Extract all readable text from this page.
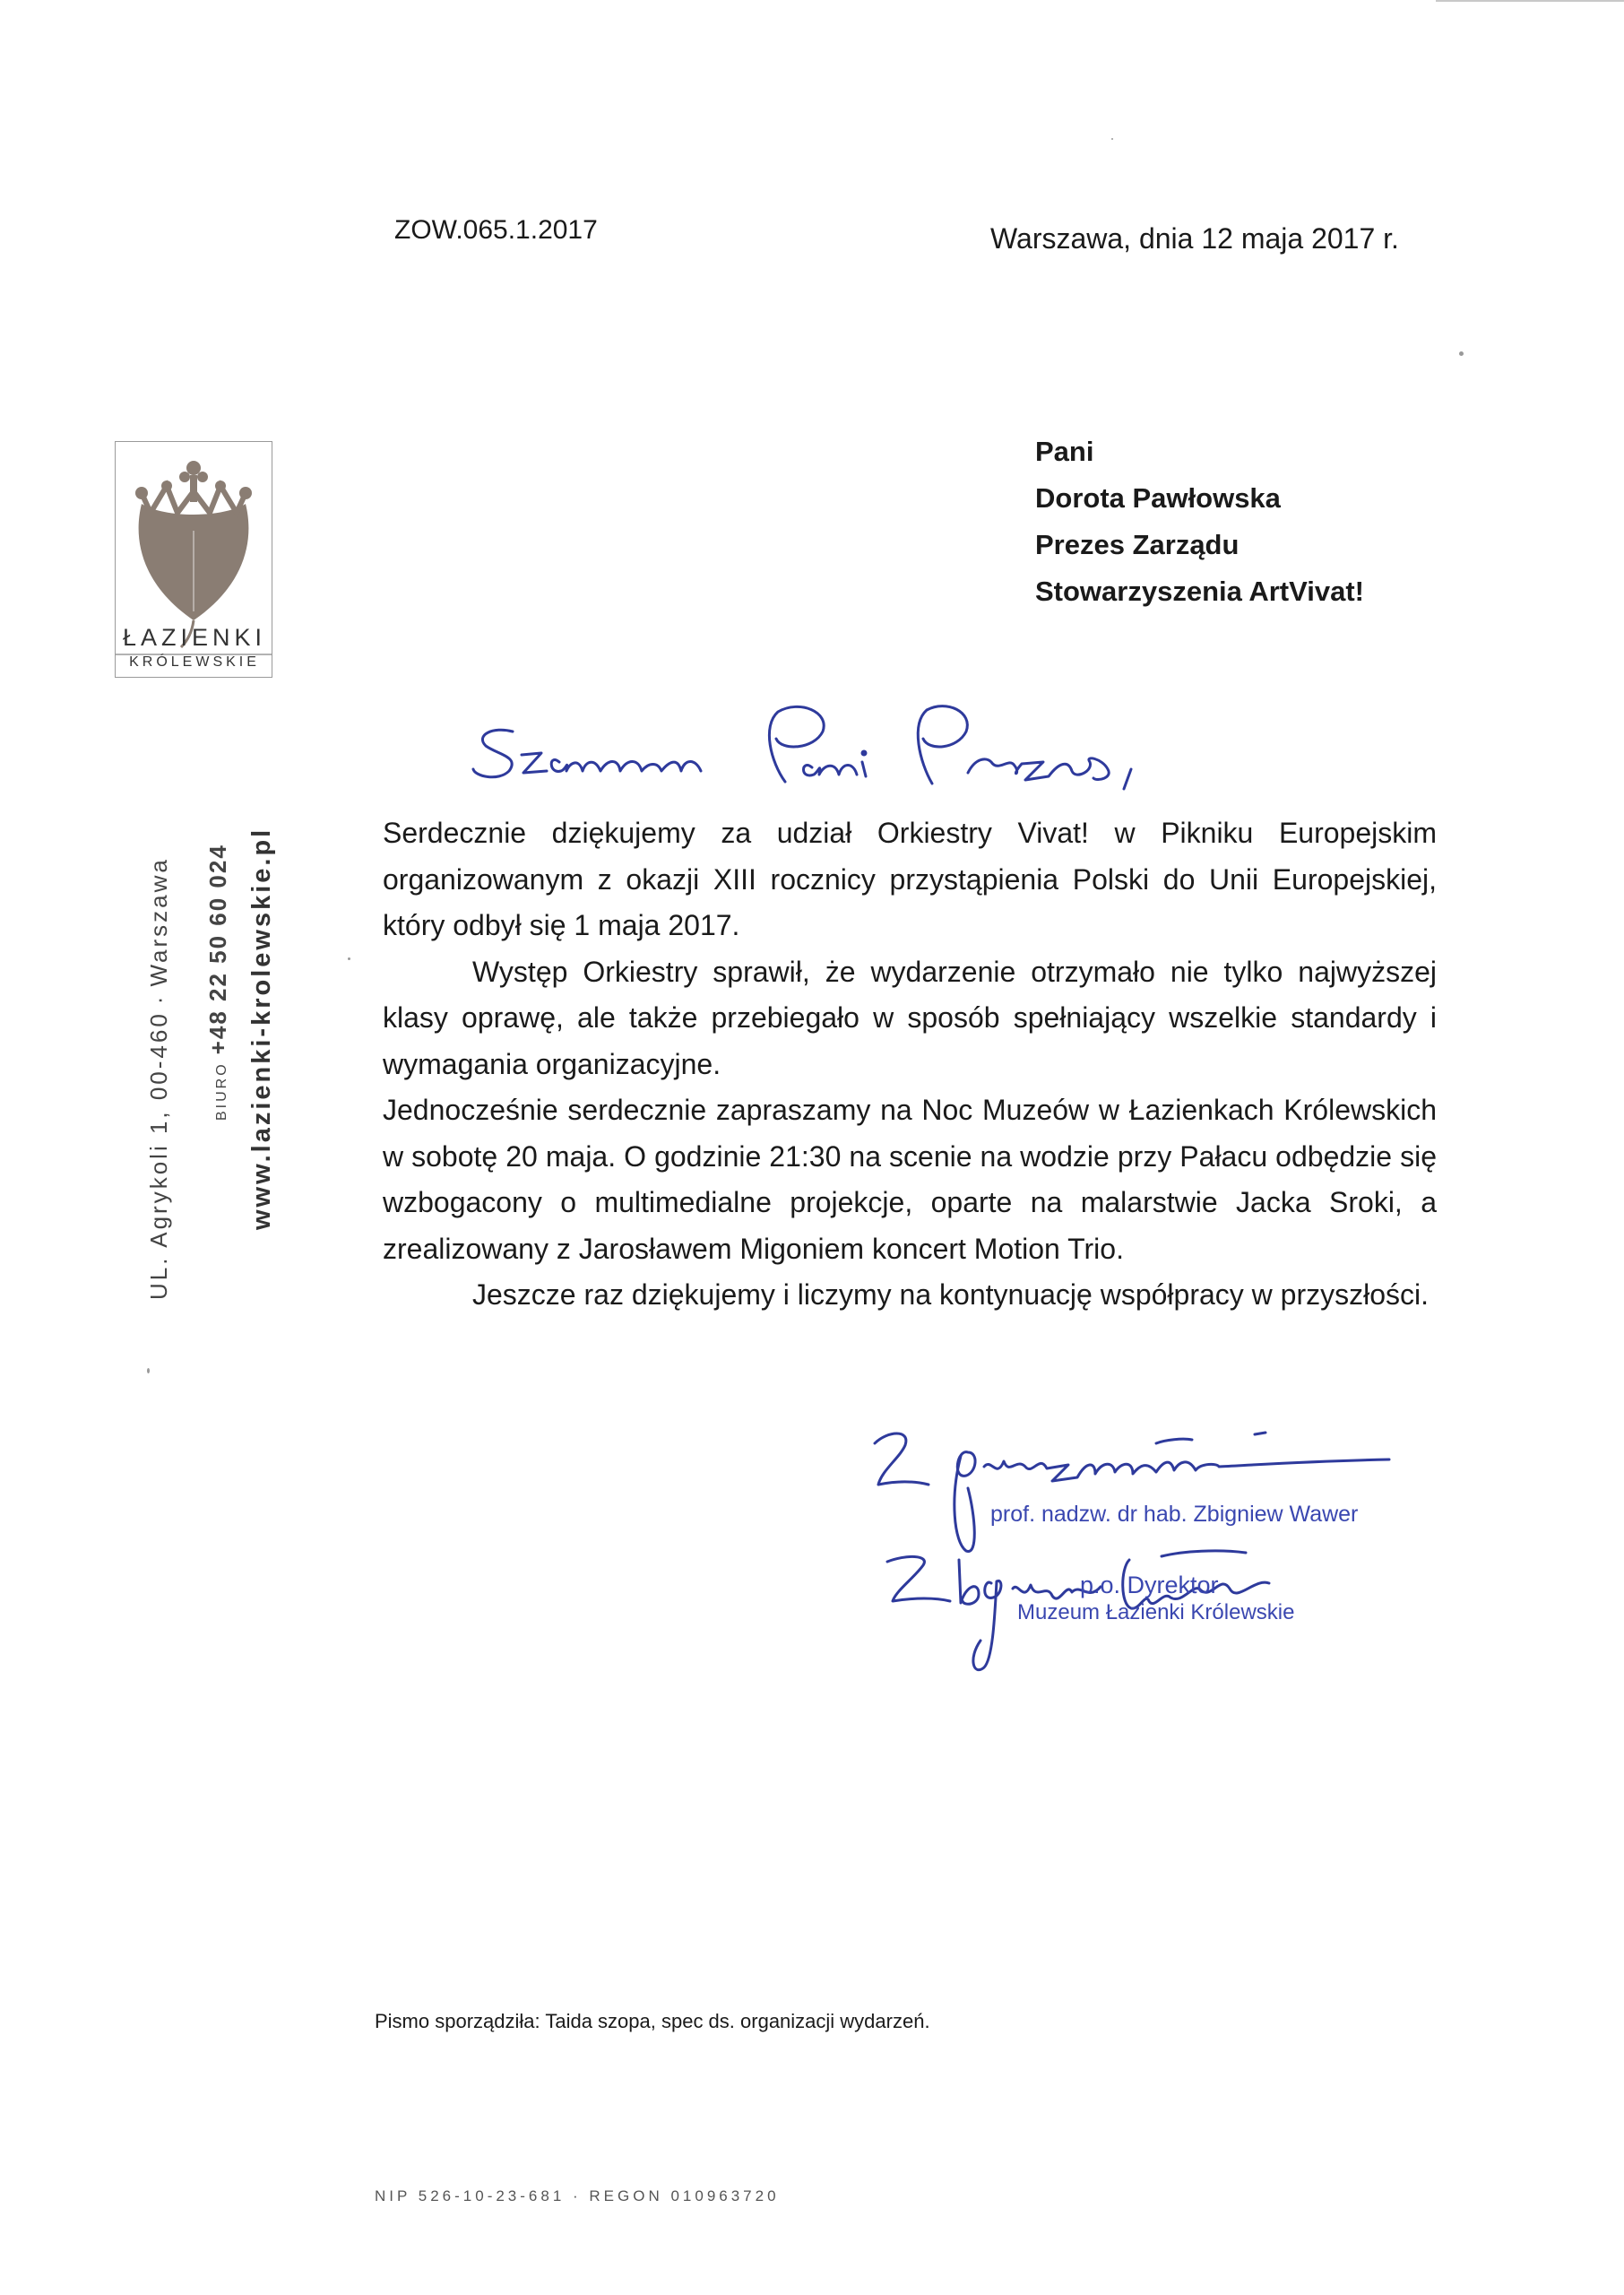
ZOW.065.1.2017	Warszawa, dnia 12 maja 2017 r.
ŁAZIENKI
KRÓLEWSKIE
UL. Agrykoli 1, 00-460·Warszawa
BIURO+48 22 50 60 024 www.lazienki-krolewskie.pl
Pani
Dorota Pawłowska
Prezes Zarządu
Stowarzyszenia ArtVivat!

Serdecznie dziękujemy za udział Orkiestry Vivat! w Pikniku Europejskim organizowanym z okazji XIII rocznicy przystąpienia Polski do Unii Europejskiej, który odbył się 1 maja 2017.

Występ Orkiestry sprawił, że wydarzenie otrzymało nie tylko najwyższej klasy oprawę, ale także przebiegało w sposób spełniający wszelkie standardy i wymagania organizacyjne.

Jednocześnie serdecznie zapraszamy na Noc Muzeów w Łazienkach Królewskich w sobotę 20 maja. O godzinie 21:30 na scenie na wodzie przy Pałacu odbędzie się wzbogacony o multimedialne projekcje, oparte na malarstwie Jacka Sroki, a zrealizowany z Jarosławem Migoniem koncert Motion Trio.

Jeszcze raz dziękujemy i liczymy na kontynuację współpracy w przyszłości.

prof. nadzw. dr hab. Zbigniew Wawer
p.o. Dyrektor
Muzeum Łazienki Królewskie
Pismo sporządziła: Taida szopa, spec ds. organizacji wydarzeń.
NIP 526-10-23-681 · REGON 010963720
